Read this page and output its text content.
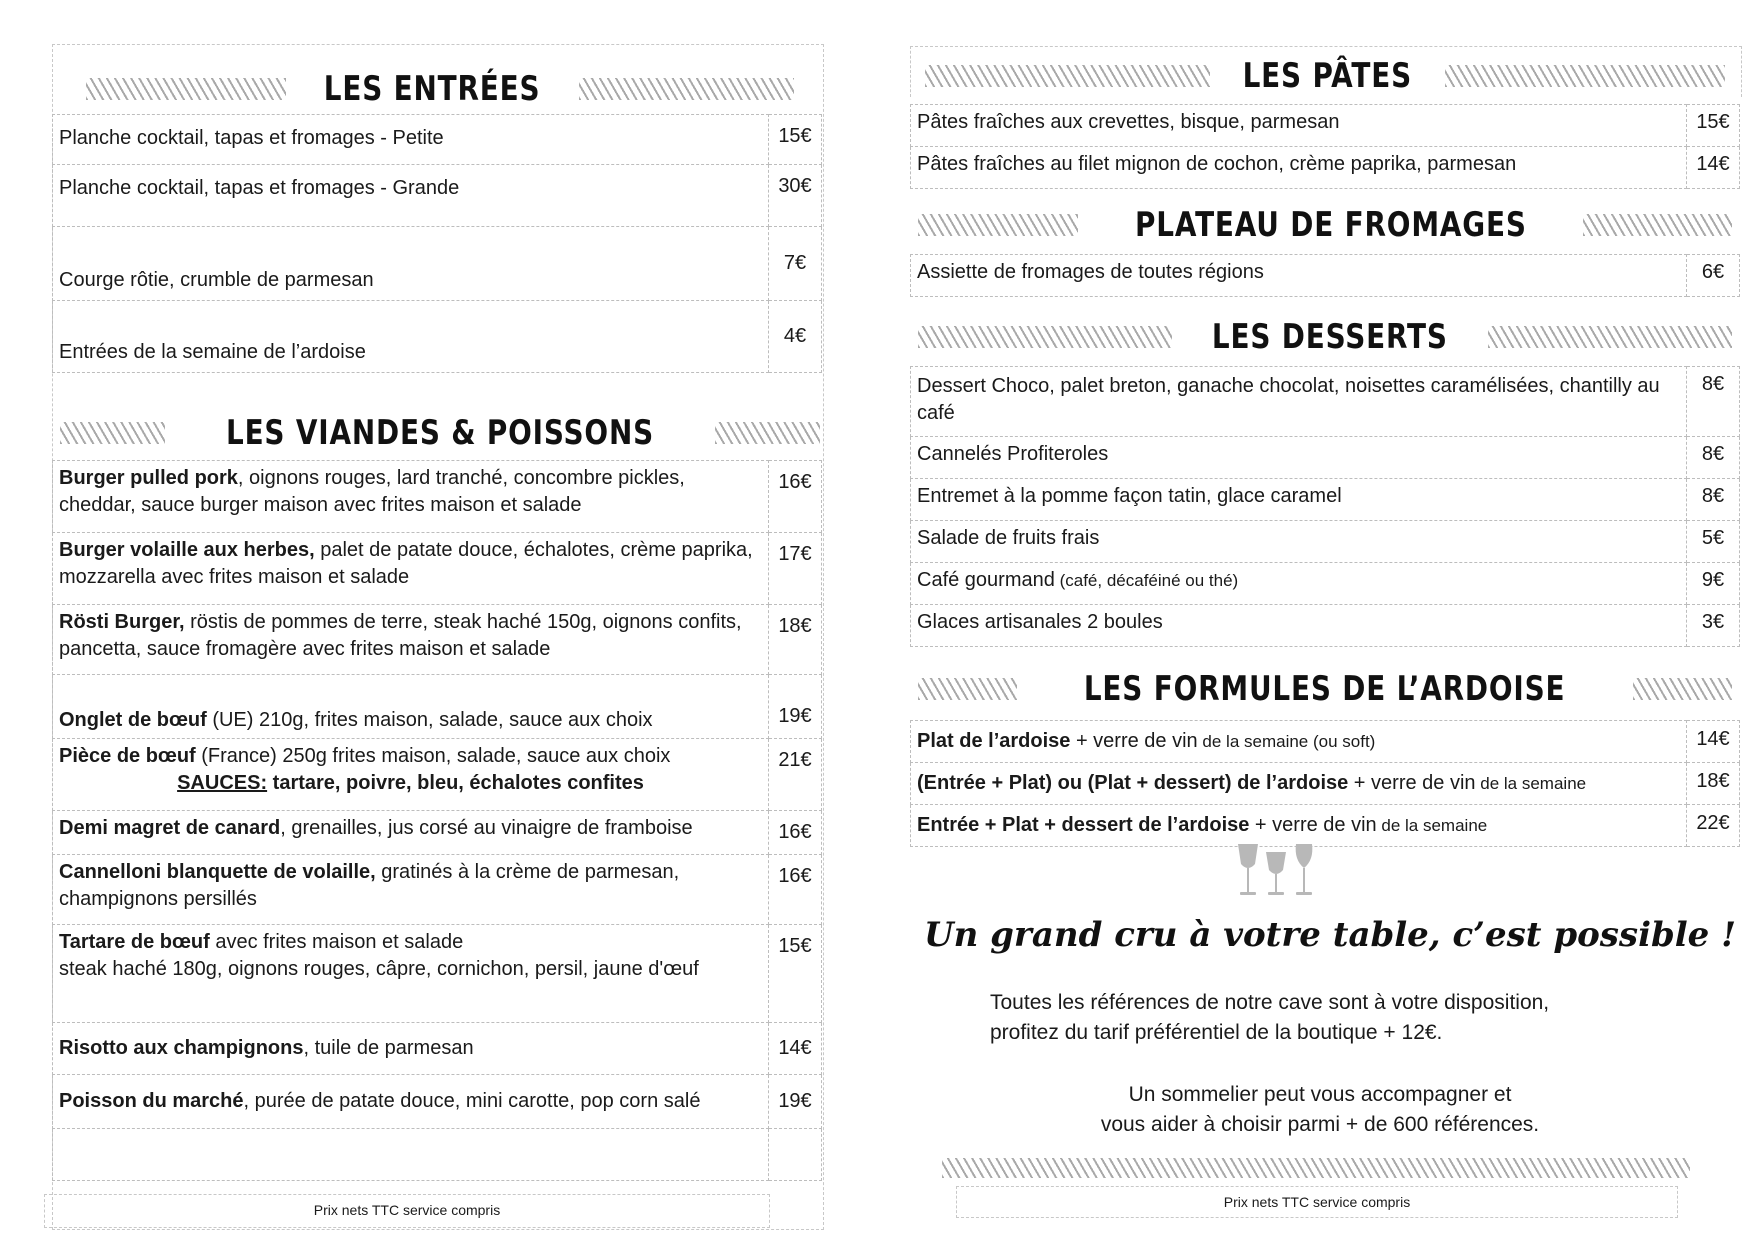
LES ENTRÉES
Planche cocktail, tapas et fromages - Petite	15€
Planche cocktail, tapas et fromages - Grande	30€
Courge rôtie, crumble de parmesan	7€
Entrées de la semaine de l’ardoise	4€
LES VIANDES & POISSONS
Burger pulled pork, oignons rouges, lard tranché, concombre pickles, cheddar, sauce burger maison avec frites maison et salade	16€
Burger volaille aux herbes, palet de patate douce, échalotes, crème paprika, mozzarella avec frites maison et salade	17€
Rösti Burger, röstis de pommes de terre, steak haché 150g, oignons confits, pancetta, sauce fromagère avec frites maison et salade	18€
Onglet de bœuf (UE) 210g, frites maison, salade, sauce aux choix	19€
Pièce de bœuf (France) 250g frites maison, salade, sauce aux choix
SAUCES: tartare, poivre, bleu, échalotes confites	21€
Demi magret de canard, grenailles, jus corsé au vinaigre de framboise	16€
Cannelloni blanquette de volaille, gratinés à la crème de parmesan, champignons persillés	16€
Tartare de bœuf avec frites maison et salade
steak haché 180g, oignons rouges, câpre, cornichon, persil, jaune d'œuf	15€
Risotto aux champignons, tuile de parmesan	14€
Poisson du marché, purée de patate douce, mini carotte, pop corn salé	19€

Prix nets TTC service compris
LES PÂTES
Pâtes fraîches aux crevettes, bisque, parmesan	15€
Pâtes fraîches au filet mignon de cochon, crème paprika, parmesan	14€
PLATEAU DE FROMAGES
Assiette de fromages de toutes régions	6€
LES DESSERTS
Dessert Choco, palet breton, ganache chocolat, noisettes caramélisées, chantilly au café	8€
Cannelés Profiteroles	8€
Entremet à la pomme façon tatin, glace caramel	8€
Salade de fruits frais	5€
Café gourmand (café, décaféiné ou thé)	9€
Glaces artisanales 2 boules	3€
LES FORMULES DE L’ARDOISE
Plat de l’ardoise + verre de vin de la semaine (ou soft)	14€
(Entrée + Plat) ou (Plat + dessert) de l’ardoise + verre de vin de la semaine	18€
Entrée + Plat + dessert de l’ardoise + verre de vin de la semaine	22€
Un grand cru à votre table, c’est possible !
Toutes les références de notre cave sont à votre disposition,
profitez du tarif préférentiel de la boutique + 12€.
Un sommelier peut vous accompagner et
vous aider à choisir parmi + de 600 références.
Prix nets TTC service compris
